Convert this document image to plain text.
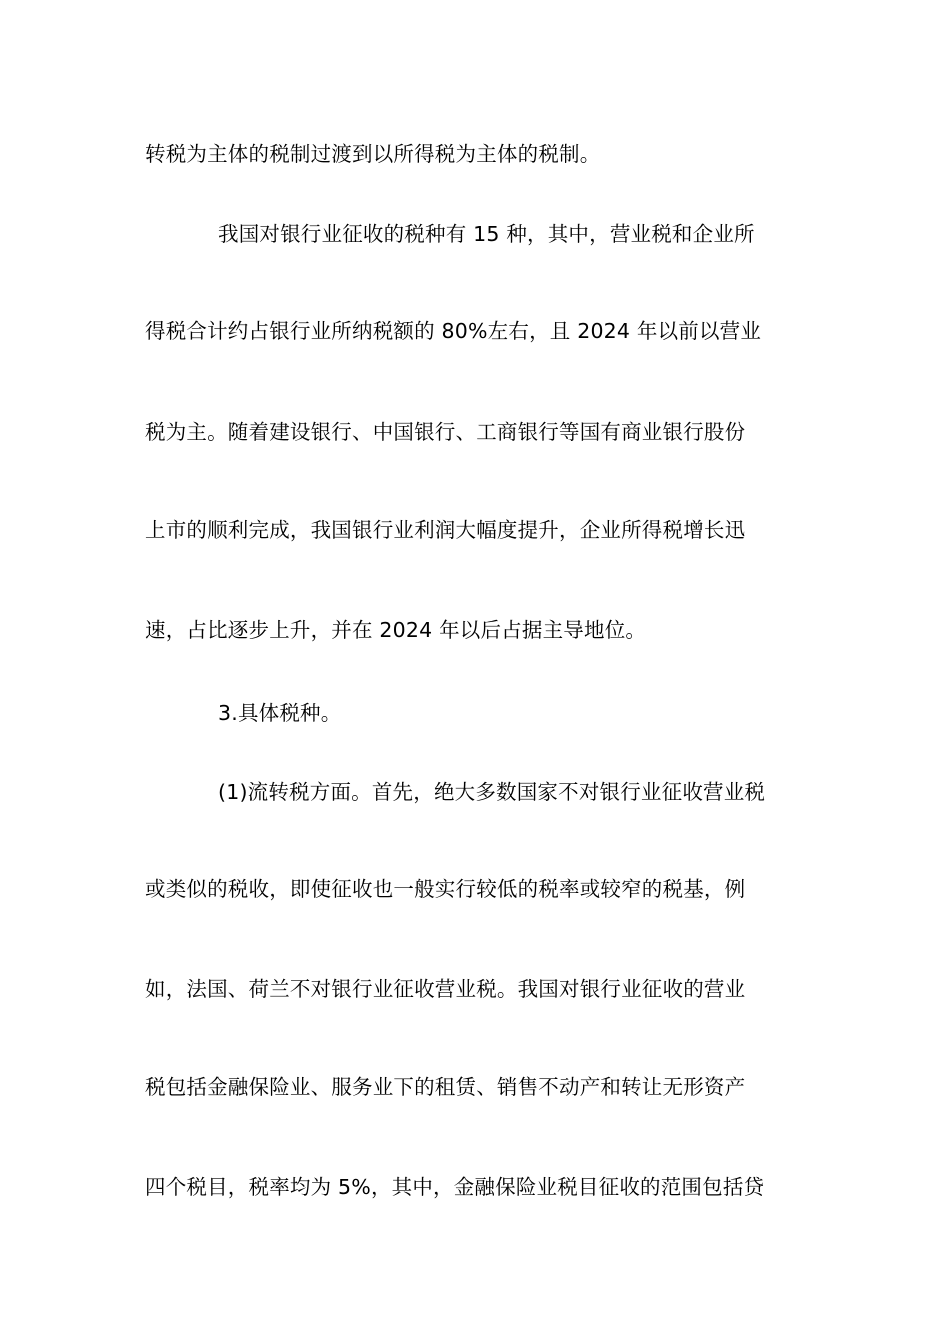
转税为主体的税制过渡到以所得税为主体的税制。
我国对银行业征收的税种有 15 种，其中，营业税和企业所
得税合计约占银行业所纳税额的 80%左右，且 2024 年以前以营业
税为主。随着建设银行、中国银行、工商银行等国有商业银行股份
上市的顺利完成，我国银行业利润大幅度提升，企业所得税增长迅
速，占比逐步上升，并在 2024 年以后占据主导地位。
3.具体税种。
(1)流转税方面。首先，绝大多数国家不对银行业征收营业税
或类似的税收，即使征收也一般实行较低的税率或较窄的税基，例
如，法国、荷兰不对银行业征收营业税。我国对银行业征收的营业
税包括金融保险业、服务业下的租赁、销售不动产和转让无形资产
四个税目，税率均为 5%，其中，金融保险业税目征收的范围包括贷
